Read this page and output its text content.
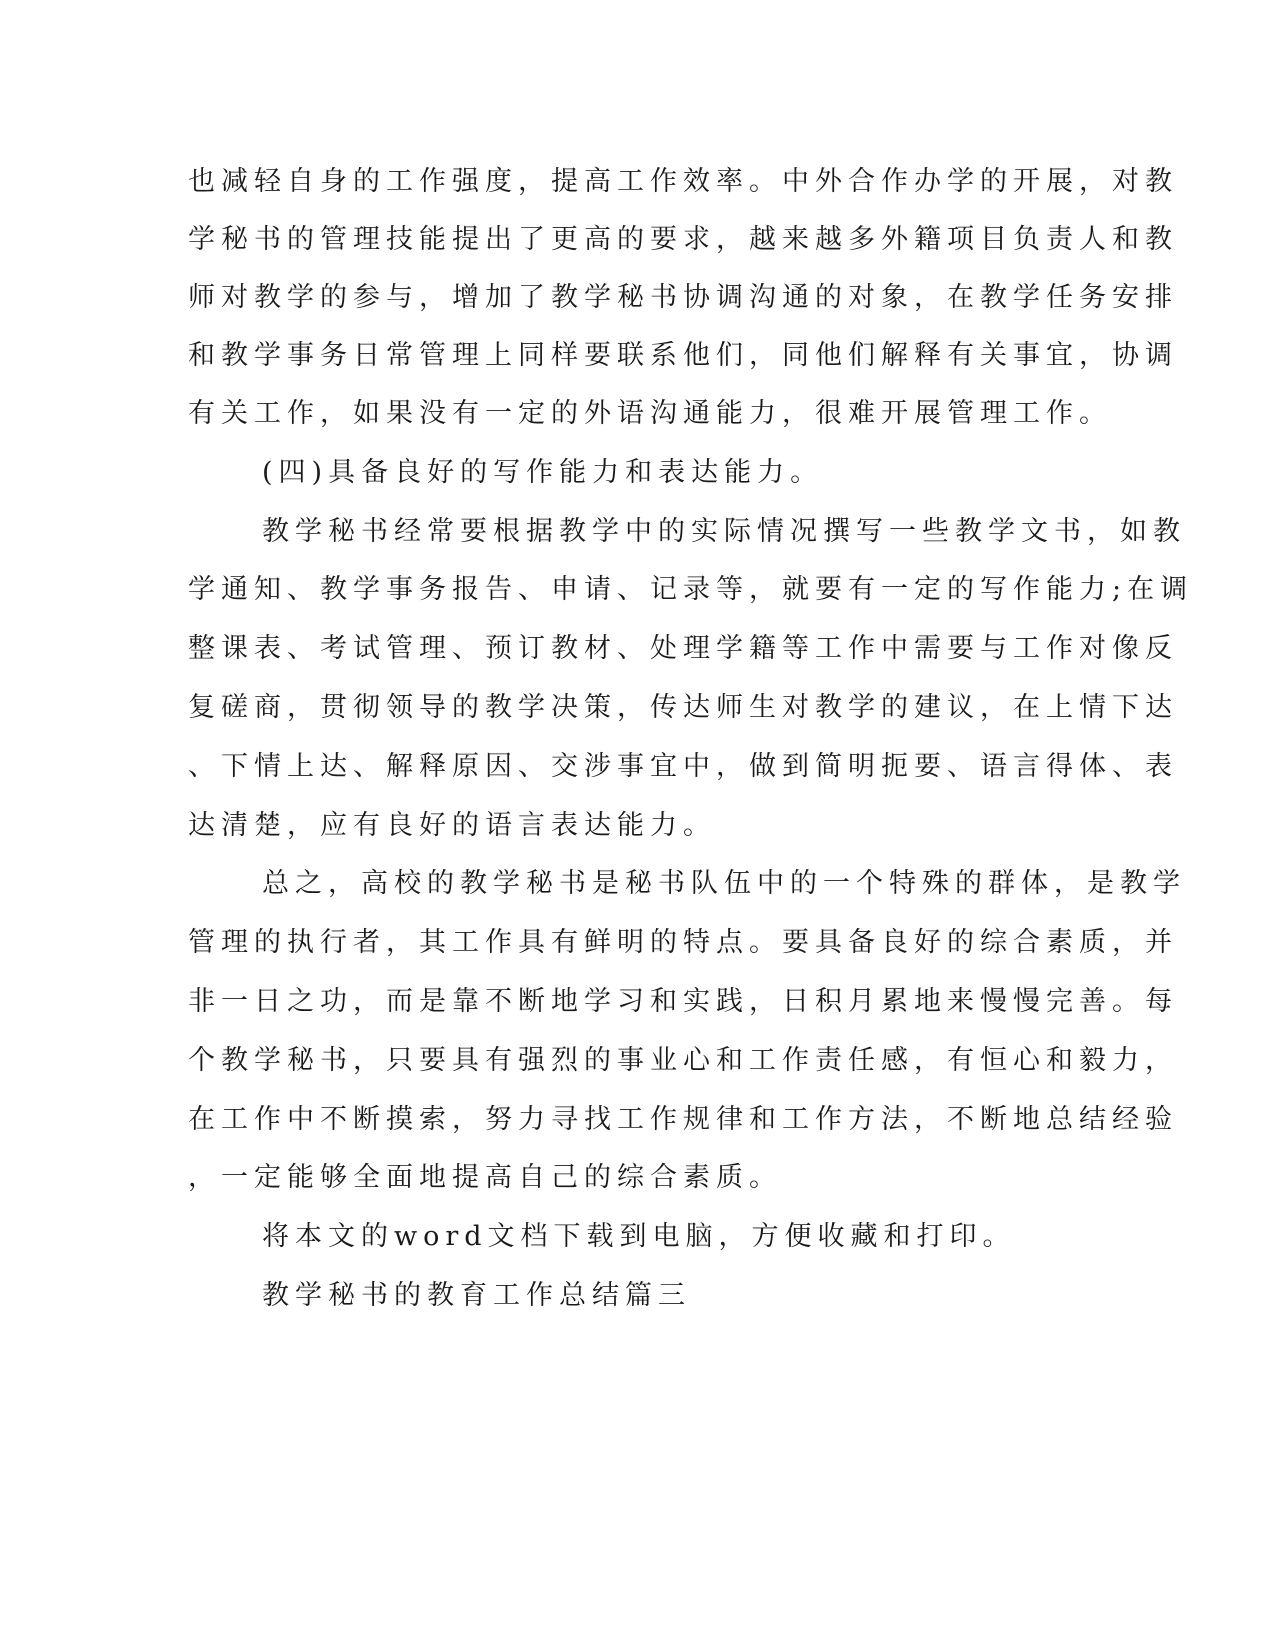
也减轻自身的工作强度，提高工作效率。中外合作办学的开展，对教
学秘书的管理技能提出了更高的要求，越来越多外籍项目负责人和教
师对教学的参与，增加了教学秘书协调沟通的对象，在教学任务安排
和教学事务日常管理上同样要联系他们，同他们解释有关事宜，协调
有关工作，如果没有一定的外语沟通能力，很难开展管理工作。
(四)具备良好的写作能力和表达能力。
教学秘书经常要根据教学中的实际情况撰写一些教学文书，如教
学通知、教学事务报告、申请、记录等，就要有一定的写作能力;在调
整课表、考试管理、预订教材、处理学籍等工作中需要与工作对像反
复磋商，贯彻领导的教学决策，传达师生对教学的建议，在上情下达
、下情上达、解释原因、交涉事宜中，做到简明扼要、语言得体、表
达清楚，应有良好的语言表达能力。
总之，高校的教学秘书是秘书队伍中的一个特殊的群体，是教学
管理的执行者，其工作具有鲜明的特点。要具备良好的综合素质，并
非一日之功，而是靠不断地学习和实践，日积月累地来慢慢完善。每
个教学秘书，只要具有强烈的事业心和工作责任感，有恒心和毅力，
在工作中不断摸索，努力寻找工作规律和工作方法，不断地总结经验
，一定能够全面地提高自己的综合素质。
将本文的word文档下载到电脑，方便收藏和打印。
教学秘书的教育工作总结篇三
